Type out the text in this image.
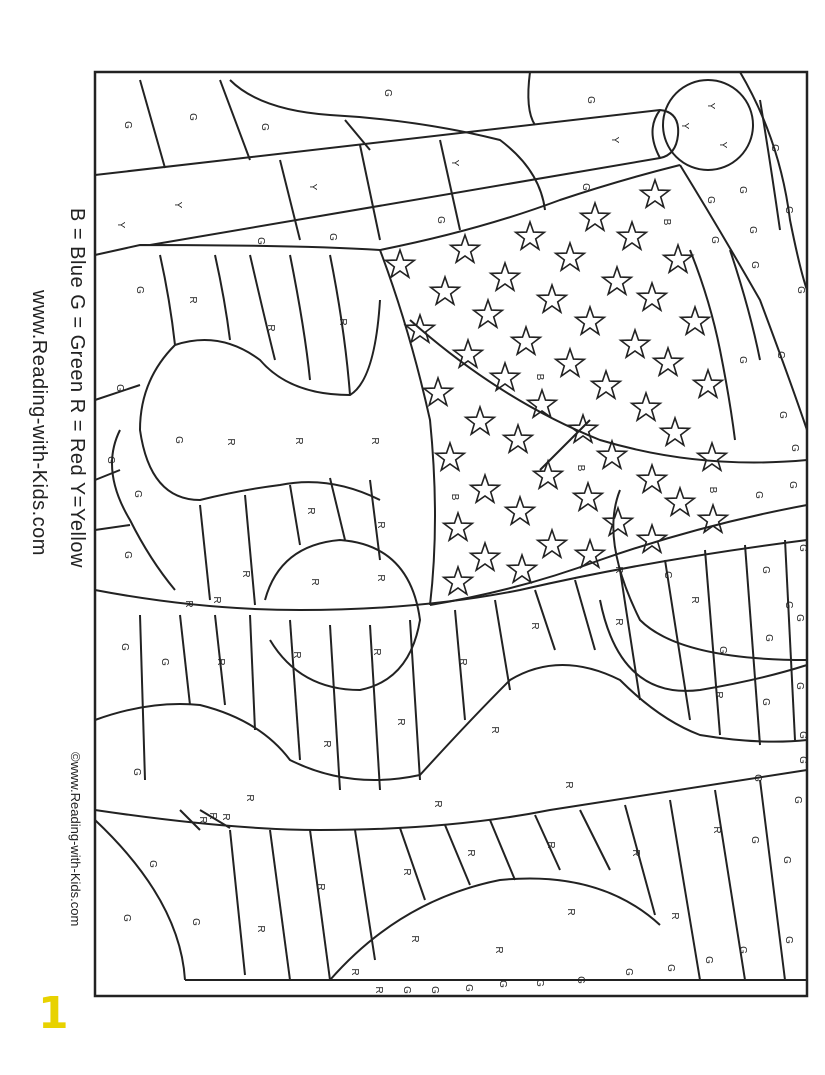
G
G
G
G
G
Y
Y
Y	G
Y
Y
Y
Y
Y
G
G
G
G
G
G
G
G
B
G
G
G
G
R
R
R
G
G
B
G
G	R	R	R
G
G
G
B
G
R
R
B
B
G
G
G
R
R
R
G
G
R
G
R
R	R
G
R
R
R
G
G	R
R	R	G
G
G
R
R
R
R
G
G
G
G
R
R
R
G
G
G
R
R R
R
R	R
R
G
G
R
R
R
R
G
G
G
R
R
R	G
G
R
R G G G
G	G	G
G
G
G
B = Blue G = Green R = Red Y=Yellow
www.Reading-with-Kids.com
©www.Reading-with-Kids.com
1
